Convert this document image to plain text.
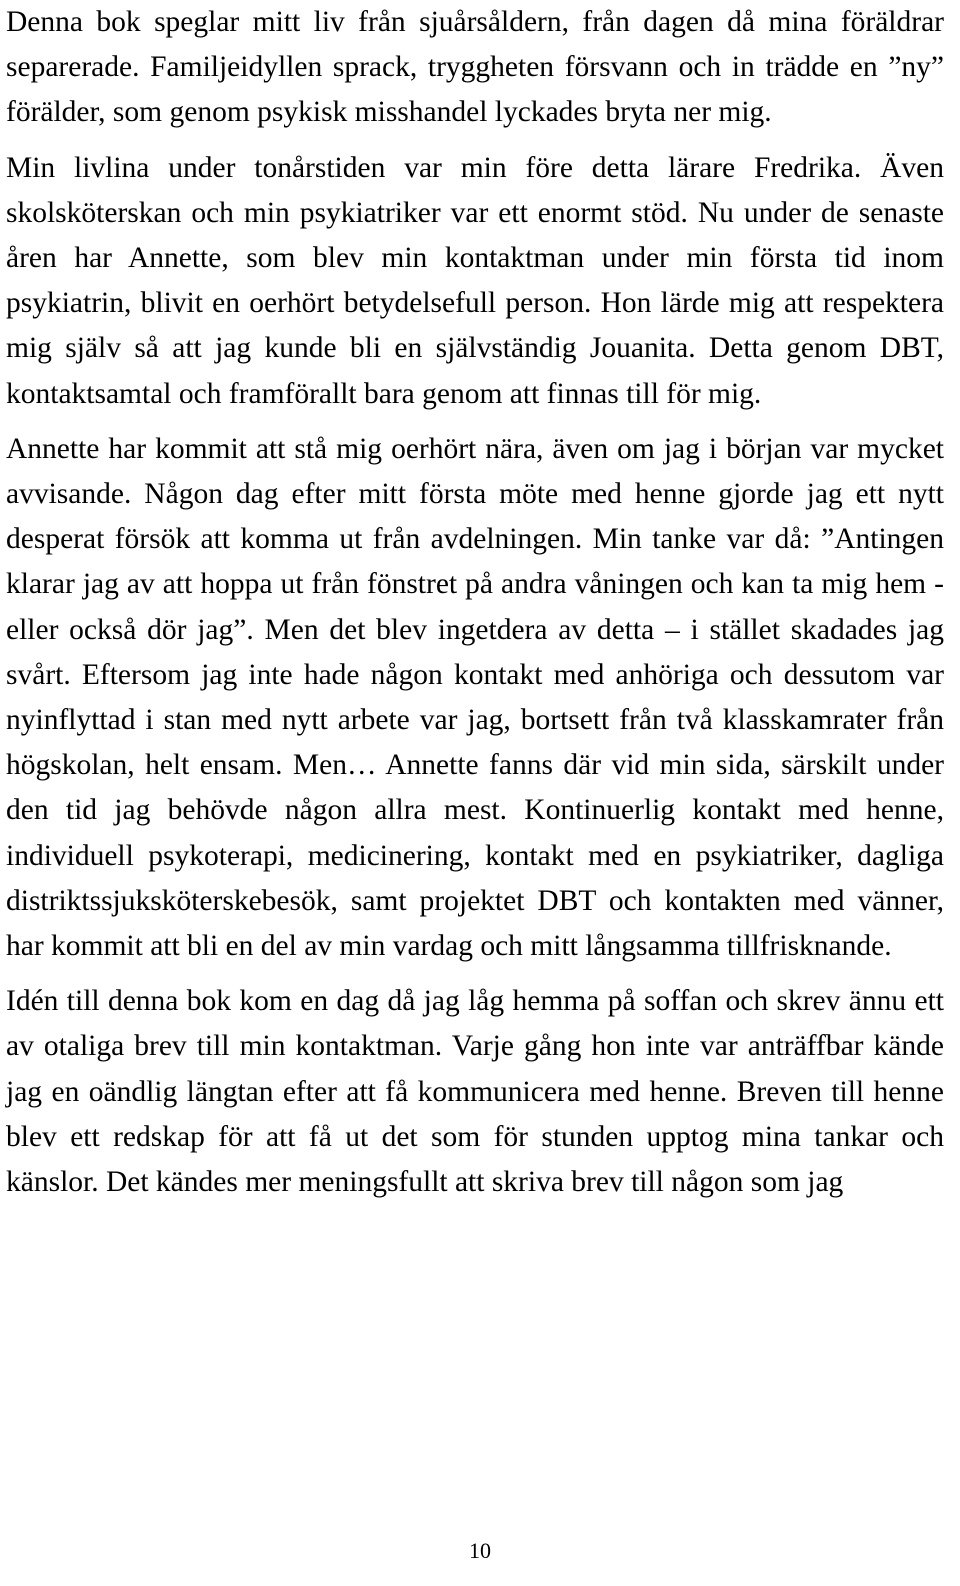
Denna bok speglar mitt liv från sjuårsåldern, från dagen då mina föräldrar separerade. Familjeidyllen sprack, tryggheten försvann och in trädde en ”ny” förälder, som genom psykisk misshandel lyckades bryta ner mig.

Min livlina under tonårstiden var min före detta lärare Fredrika. Även skolsköterskan och min psykiatriker var ett enormt stöd. Nu under de senaste åren har Annette, som blev min kontaktman under min första tid inom psykiatrin, blivit en oerhört betydelsefull person. Hon lärde mig att respektera mig själv så att jag kunde bli en självständig Jouanita. Detta genom DBT, kontaktsamtal och framförallt bara genom att finnas till för mig.

Annette har kommit att stå mig oerhört nära, även om jag i början var mycket avvisande. Någon dag efter mitt första möte med henne gjorde jag ett nytt desperat försök att komma ut från avdelningen. Min tanke var då: ”Antingen klarar jag av att hoppa ut från fönstret på andra våningen och kan ta mig hem - eller också dör jag”. Men det blev ingetdera av detta – i stället skadades jag svårt. Eftersom jag inte hade någon kontakt med anhöriga och dessutom var nyinflyttad i stan med nytt arbete var jag, bortsett från två klasskamrater från högskolan, helt ensam. Men… Annette fanns där vid min sida, särskilt under den tid jag behövde någon allra mest. Kontinuerlig kontakt med henne, individuell psykoterapi, medicinering, kontakt med en psykiatriker, dagliga distriktssjuksköterskebesök, samt projektet DBT och kontakten med vänner, har kommit att bli en del av min vardag och mitt långsamma tillfrisknande.

Idén till denna bok kom en dag då jag låg hemma på soffan och skrev ännu ett av otaliga brev till min kontaktman. Varje gång hon inte var anträffbar kände jag en oändlig längtan efter att få kommunicera med henne. Breven till henne blev ett redskap för att få ut det som för stunden upptog mina tankar och känslor. Det kändes mer meningsfullt att skriva brev till någon som jag

10
